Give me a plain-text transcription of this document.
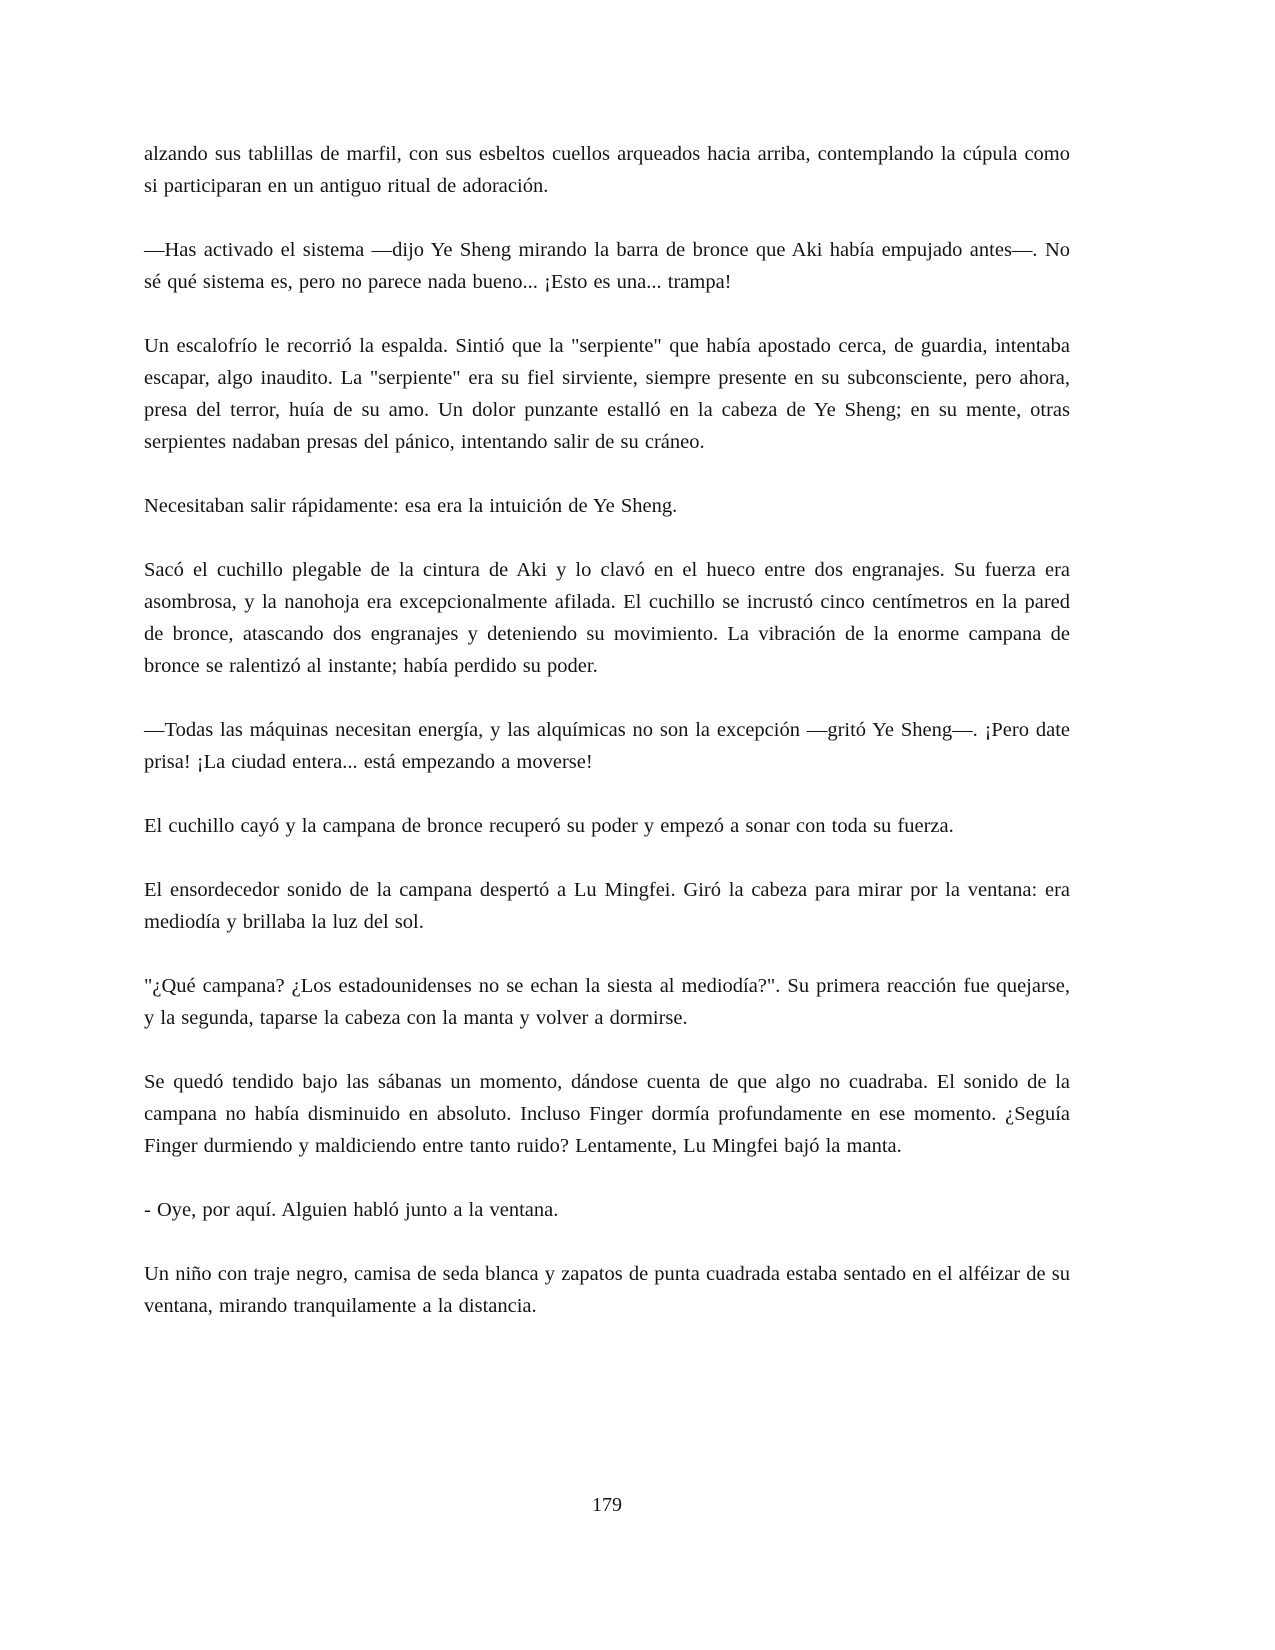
alzando sus tablillas de marfil, con sus esbeltos cuellos arqueados hacia arriba, contemplando la cúpula como si participaran en un antiguo ritual de adoración.

—Has activado el sistema —dijo Ye Sheng mirando la barra de bronce que Aki había empujado antes—. No sé qué sistema es, pero no parece nada bueno... ¡Esto es una... trampa!

Un escalofrío le recorrió la espalda. Sintió que la "serpiente" que había apostado cerca, de guardia, intentaba escapar, algo inaudito. La "serpiente" era su fiel sirviente, siempre presente en su subconsciente, pero ahora, presa del terror, huía de su amo. Un dolor punzante estalló en la cabeza de Ye Sheng; en su mente, otras serpientes nadaban presas del pánico, intentando salir de su cráneo.

Necesitaban salir rápidamente: esa era la intuición de Ye Sheng.

Sacó el cuchillo plegable de la cintura de Aki y lo clavó en el hueco entre dos engranajes. Su fuerza era asombrosa, y la nanohoja era excepcionalmente afilada. El cuchillo se incrustó cinco centímetros en la pared de bronce, atascando dos engranajes y deteniendo su movimiento. La vibración de la enorme campana de bronce se ralentizó al instante; había perdido su poder.

—Todas las máquinas necesitan energía, y las alquímicas no son la excepción —gritó Ye Sheng—. ¡Pero date prisa! ¡La ciudad entera... está empezando a moverse!

El cuchillo cayó y la campana de bronce recuperó su poder y empezó a sonar con toda su fuerza.

El ensordecedor sonido de la campana despertó a Lu Mingfei. Giró la cabeza para mirar por la ventana: era mediodía y brillaba la luz del sol.

"¿Qué campana? ¿Los estadounidenses no se echan la siesta al mediodía?". Su primera reacción fue quejarse, y la segunda, taparse la cabeza con la manta y volver a dormirse.

Se quedó tendido bajo las sábanas un momento, dándose cuenta de que algo no cuadraba. El sonido de la campana no había disminuido en absoluto. Incluso Finger dormía profundamente en ese momento. ¿Seguía Finger durmiendo y maldiciendo entre tanto ruido? Lentamente, Lu Mingfei bajó la manta.

- Oye, por aquí. Alguien habló junto a la ventana.

Un niño con traje negro, camisa de seda blanca y zapatos de punta cuadrada estaba sentado en el alféizar de su ventana, mirando tranquilamente a la distancia.

179
